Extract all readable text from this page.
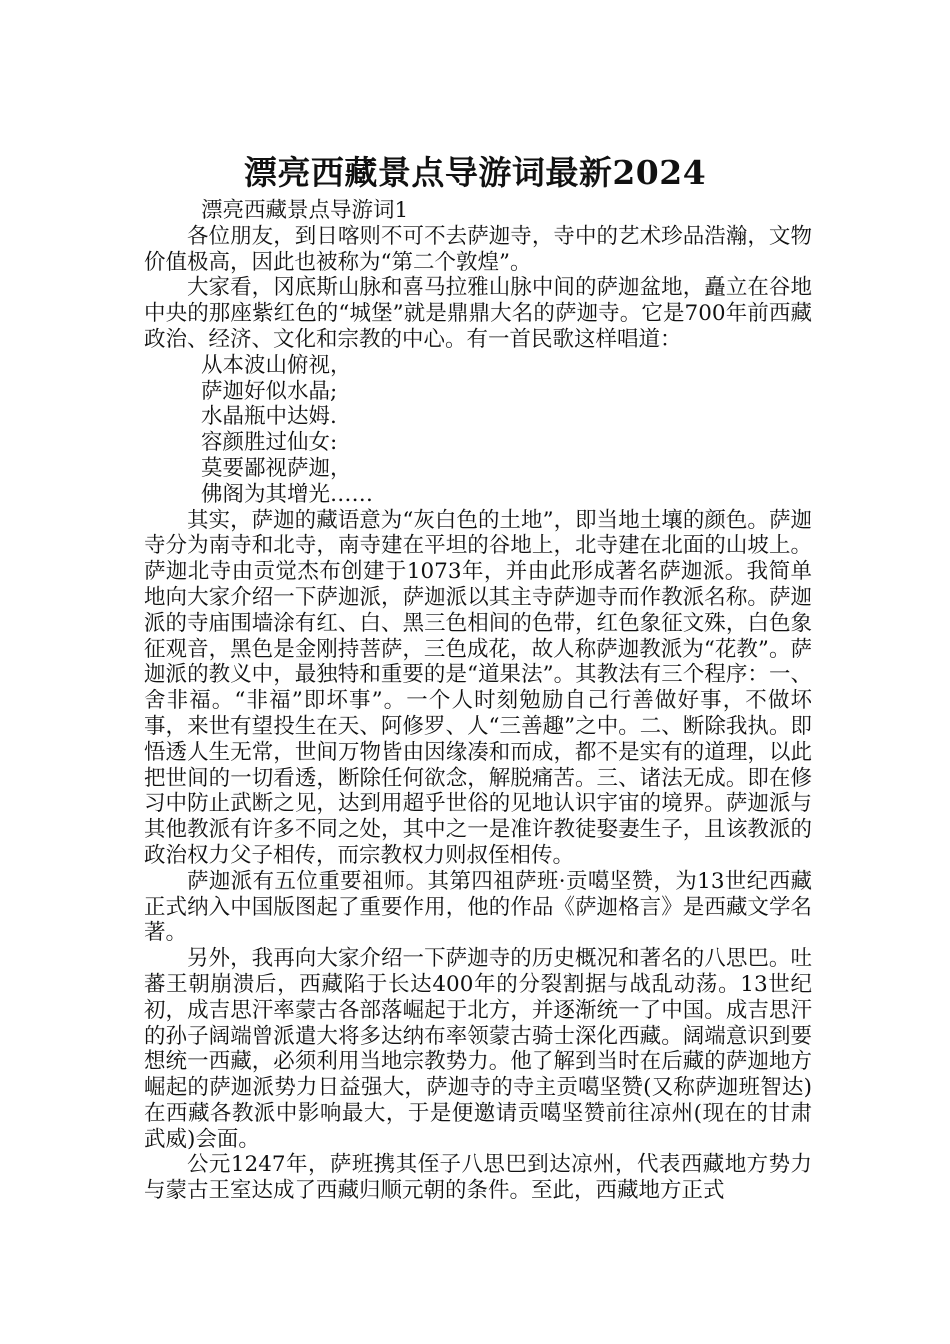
漂亮西藏景点导游词最新2024

漂亮西藏景点导游词1

各位朋友，到日喀则不可不去萨迦寺，寺中的艺术珍品浩瀚，文物价值极高，因此也被称为“第二个敦煌”。

大家看，冈底斯山脉和喜马拉雅山脉中间的萨迦盆地，矗立在谷地中央的那座紫红色的“城堡”就是鼎鼎大名的萨迦寺。它是700年前西藏政治、经济、文化和宗教的中心。有一首民歌这样唱道：

从本波山俯视，

萨迦好似水晶;

水晶瓶中达姆.

容颜胜过仙女:

莫要鄙视萨迦，

佛阁为其增光……

其实，萨迦的藏语意为“灰白色的土地”，即当地土壤的颜色。萨迦寺分为南寺和北寺，南寺建在平坦的谷地上，北寺建在北面的山坡上。萨迦北寺由贡觉杰布创建于1073年，并由此形成著名萨迦派。我简单地向大家介绍一下萨迦派，萨迦派以其主寺萨迦寺而作教派名称。萨迦派的寺庙围墙涂有红、白、黑三色相间的色带，红色象征文殊，白色象征观音，黑色是金刚持菩萨，三色成花，故人称萨迦教派为“花教”。萨迦派的教义中，最独特和重要的是“道果法”。其教法有三个程序：一、舍非福。“非福”即坏事”。一个人时刻勉励自己行善做好事，不做坏事，来世有望投生在天、阿修罗、人“三善趣”之中。二、断除我执。即悟透人生无常，世间万物皆由因缘凑和而成，都不是实有的道理，以此把世间的一切看透，断除任何欲念，解脱痛苦。三、诸法无成。即在修习中防止武断之见，达到用超乎世俗的见地认识宇宙的境界。萨迦派与其他教派有许多不同之处，其中之一是准许教徒娶妻生子，且该教派的政治权力父子相传，而宗教权力则叔侄相传。

萨迦派有五位重要祖师。其第四祖萨班·贡噶坚赞，为13世纪西藏正式纳入中国版图起了重要作用，他的作品《萨迦格言》是西藏文学名著。

另外，我再向大家介绍一下萨迦寺的历史概况和著名的八思巴。吐蕃王朝崩溃后，西藏陷于长达400年的分裂割据与战乱动荡。13世纪初，成吉思汗率蒙古各部落崛起于北方，并逐渐统一了中国。成吉思汗的孙子阔端曾派遣大将多达纳布率领蒙古骑士深化西藏。阔端意识到要想统一西藏，必须利用当地宗教势力。他了解到当时在后藏的萨迦地方崛起的萨迦派势力日益强大，萨迦寺的寺主贡噶坚赞(又称萨迦班智达)在西藏各教派中影响最大，于是便邀请贡噶坚赞前往凉州(现在的甘肃武威)会面。

公元1247年，萨班携其侄子八思巴到达凉州，代表西藏地方势力与蒙古王室达成了西藏归顺元朝的条件。至此，西藏地方正式
